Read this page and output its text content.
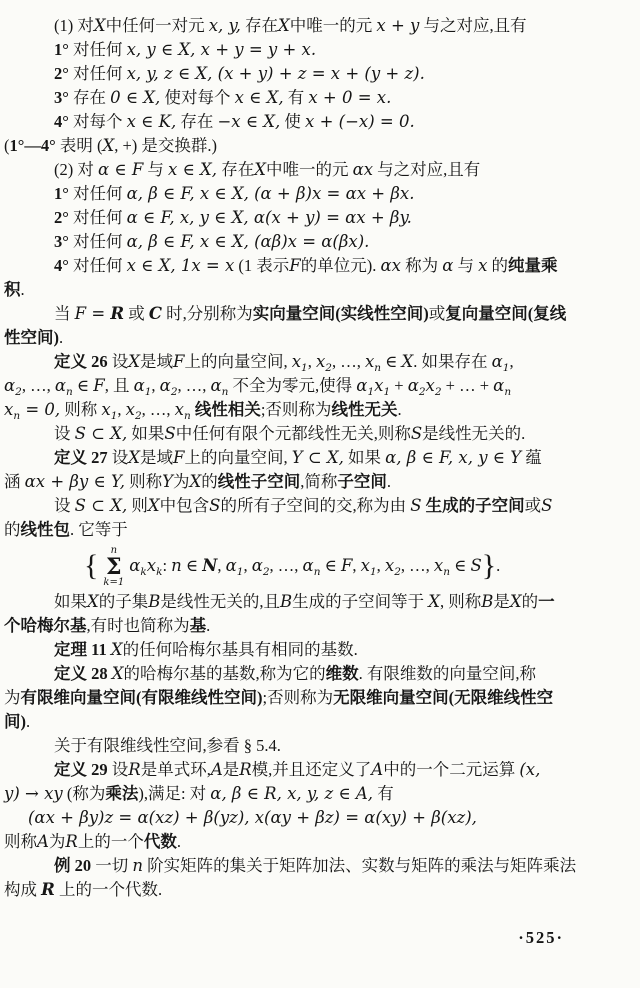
(1) 对X中任何一对元 x, y, 存在X中唯一的元 x + y 与之对应,且有
1° 对任何 x, y ∈ X, x + y = y + x.
2° 对任何 x, y, z ∈ X, (x + y) + z = x + (y + z).
3° 存在 0 ∈ X, 使对每个 x ∈ X, 有 x + 0 = x.
4° 对每个 x ∈ K, 存在 −x ∈ X, 使 x + (−x) = 0.
(1°—4° 表明 (X, +) 是交换群.)
(2) 对 α ∈ F 与 x ∈ X, 存在X中唯一的元 αx 与之对应,且有
1° 对任何 α, β ∈ F, x ∈ X, (α + β)x = αx + βx.
2° 对任何 α ∈ F, x, y ∈ X, α(x + y) = αx + βy.
3° 对任何 α, β ∈ F, x ∈ X, (αβ)x = α(βx).
4° 对任何 x ∈ X, 1x = x (1 表示F的单位元). αx 称为 α 与 x 的纯量乘
积.
当 F = R 或 C 时,分别称为实向量空间(实线性空间)或复向量空间(复线
性空间).
定义 26 设X是域F上的向量空间, $x_1$, $x_2$, …, $x_n$ ∈ X. 如果存在 $\alpha_1$,
$\alpha_2$, …, $\alpha_n$ ∈ F, 且 $\alpha_1$, $\alpha_2$, …, $\alpha_n$ 不全为零元,使得 $\alpha_1x_1 + \alpha_2x_2$ + … + $\alpha_n$
$x_n = 0$, 则称 $x_1$, $x_2$, …, $x_n$ 线性相关;否则称为线性无关.
设 S ⊂ X, 如果S中任何有限个元都线性无关,则称S是线性无关的.
定义 27 设X是域F上的向量空间, Y ⊂ X, 如果 α, β ∈ F, x, y ∈ Y 蕴
涵 αx + βy ∈ Y, 则称Y为X的线性子空间,简称子空间.
设 S ⊂ X, 则X中包含S的所有子空间的交,称为由 S 生成的子空间或S
的线性包. 它等于
{ n
Σ
k=1
$\alpha_kx_k$: n ∈ N, $\alpha_1$, $\alpha_2$, …, $\alpha_n$ ∈ F, $x_1$, $x_2$, …, $x_n$ ∈ S}.
如果X的子集B是线性无关的,且B生成的子空间等于 X, 则称B是X的一
个哈梅尔基,有时也简称为基.
定理 11 X的任何哈梅尔基具有相同的基数.
定义 28 X的哈梅尔基的基数,称为它的维数. 有限维数的向量空间,称
为有限维向量空间(有限维线性空间);否则称为无限维向量空间(无限维线性空
间).
关于有限维线性空间,参看 § 5.4.
定义 29 设R是单式环,A是R模,并且还定义了A中的一个二元运算 (x,
y) → xy (称为乘法),满足: 对 α, β ∈ R, x, y, z ∈ A, 有
(αx + βy)z = α(xz) + β(yz), x(αy + βz) = α(xy) + β(xz),
则称A为R上的一个代数.
例 20 一切 n 阶实矩阵的集关于矩阵加法、实数与矩阵的乘法与矩阵乘法
构成 R 上的一个代数.
·525·
